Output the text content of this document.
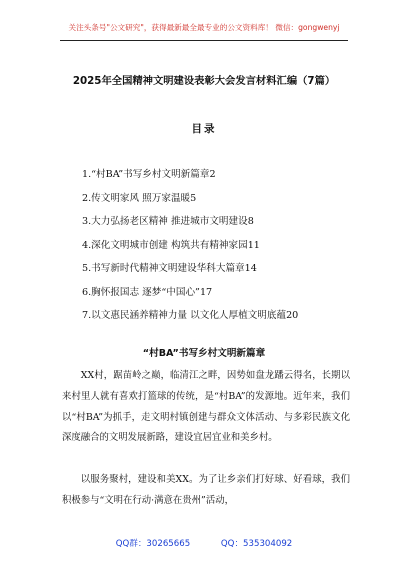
关注头条号"公文研究"，获得最新最全最专业的公文资料库！ 微信：gongwenyj
2025年全国精神文明建设表彰大会发言材料汇编（7篇）
目录
1.“村BA”书写乡村文明新篇章2
2.传文明家风 照万家温暖5
3.大力弘扬老区精神 推进城市文明建设8
4.深化文明城市创建 构筑共有精神家园11
5.书写新时代精神文明建设华科大篇章14
6.胸怀报国志 逐梦“中国心”17
7.以文惠民涵养精神力量 以文化人厚植文明底蕴20
“村BA”书写乡村文明新篇章

XX村，踞苗岭之巅，临清江之畔，因势如盘龙蹯云得名，长期以来村里人就有喜欢打篮球的传统，是“村BA”的发源地。近年来，我们以“村BA”为抓手，走文明村镇创建与群众文体活动、与多彩民族文化深度融合的文明发展新路，建设宜居宜业和美乡村。

以服务聚村，建设和美XX。为了让乡亲们打好球、好看球，我们积极参与“文明在行动·满意在贵州”活动，

QQ群：30265665	QQ：535304092
